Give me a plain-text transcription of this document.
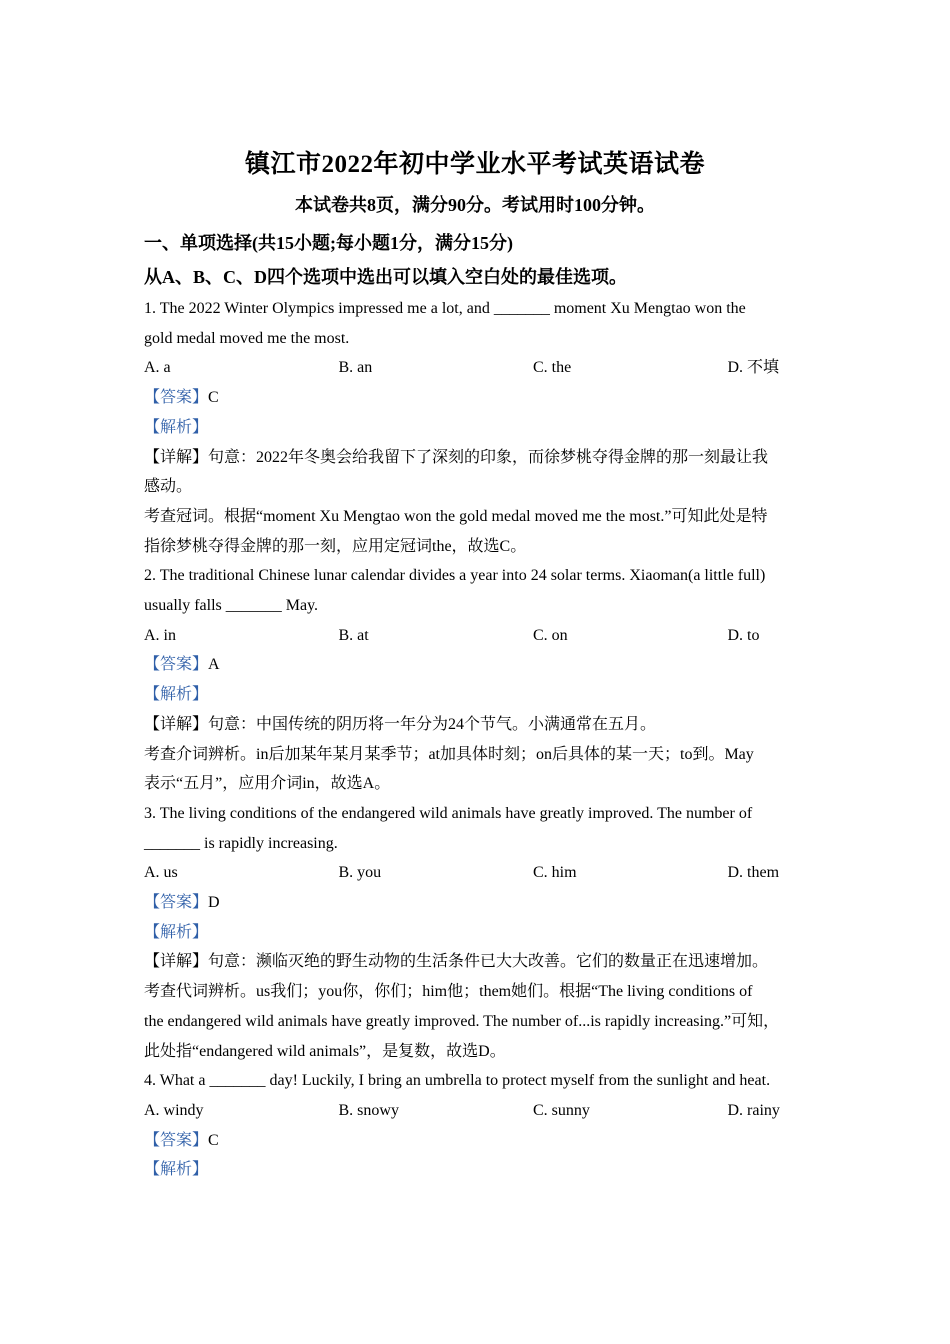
镇江市2022年初中学业水平考试英语试卷
本试卷共8页，满分90分。考试用时100分钟。
一、单项选择(共15小题;每小题1分，满分15分)
从A、B、C、D四个选项中选出可以填入空白处的最佳选项。
1. The 2022 Winter Olympics impressed me a lot, and _______ moment Xu Mengtao won the
gold medal moved me the most.
A. a	B. an	C. the	D. 不填
【答案】C
【解析】
【详解】句意：2022年冬奥会给我留下了深刻的印象，而徐梦桃夺得金牌的那一刻最让我
感动。
考查冠词。根据“moment Xu Mengtao won the gold medal moved me the most.”可知此处是特
指徐梦桃夺得金牌的那一刻，应用定冠词the，故选C。
2. The traditional Chinese lunar calendar divides a year into 24 solar terms. Xiaoman(a little full)
usually falls _______ May.
A. in	B. at	C. on	D. to
【答案】A
【解析】
【详解】句意：中国传统的阴历将一年分为24个节气。小满通常在五月。
考查介词辨析。in后加某年某月某季节；at加具体时刻；on后具体的某一天；to到。May
表示“五月”，应用介词in，故选A。
3. The living conditions of the endangered wild animals have greatly improved. The number of
_______ is rapidly increasing.
A. us	B. you	C. him	D. them
【答案】D
【解析】
【详解】句意：濒临灭绝的野生动物的生活条件已大大改善。它们的数量正在迅速增加。
考查代词辨析。us我们；you你，你们；him他；them她们。根据“The living conditions of
the endangered wild animals have greatly improved. The number of...is rapidly increasing.”可知，
此处指“endangered wild animals”，是复数，故选D。
4. What a _______ day! Luckily, I bring an umbrella to protect myself from the sunlight and heat.
A. windy	B. snowy	C. sunny	D. rainy
【答案】C
【解析】
